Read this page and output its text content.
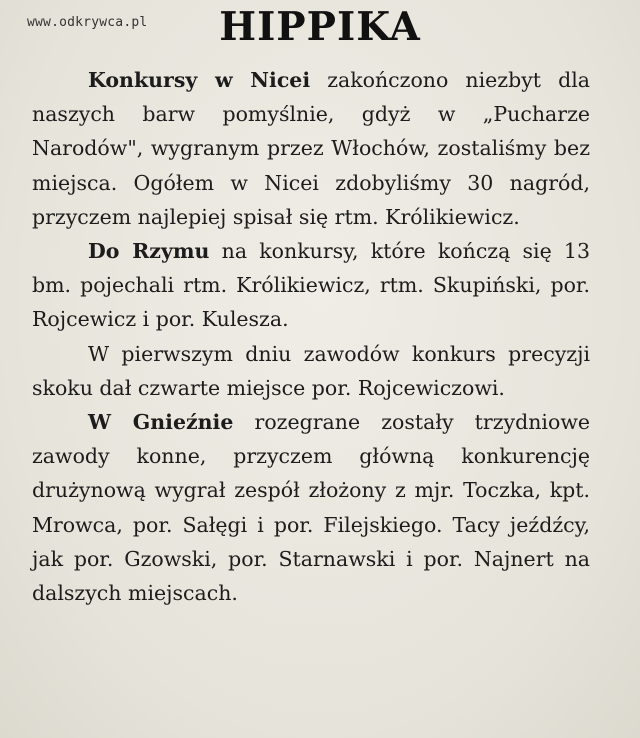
www.odkrywca.pl	HIPPIKA

Konkursy w Nicei zakończono niezbyt dla naszych barw pomyślnie, gdyż w „Pucharze Narodów", wygranym przez Włochów, zostaliśmy bez miejsca. Ogółem w Nicei zdobyliśmy 30 nagród, przyczem najlepiej spisał się rtm. Królikiewicz.

Do Rzymu na konkursy, które kończą się 13 bm. pojechali rtm. Królikiewicz, rtm. Skupiński, por. Rojcewicz i por. Kulesza.

W pierwszym dniu zawodów konkurs precyzji skoku dał czwarte miejsce por. Rojcewiczowi.

W Gnieźnie rozegrane zostały trzydniowe zawody konne, przyczem główną konkurencję drużynową wygrał zespół złożony z mjr. Toczka, kpt. Mrowca, por. Sałęgi i por. Filejskiego. Tacy jeźdźcy, jak por. Gzowski, por. Starnawski i por. Najnert na dalszych miejscach.
